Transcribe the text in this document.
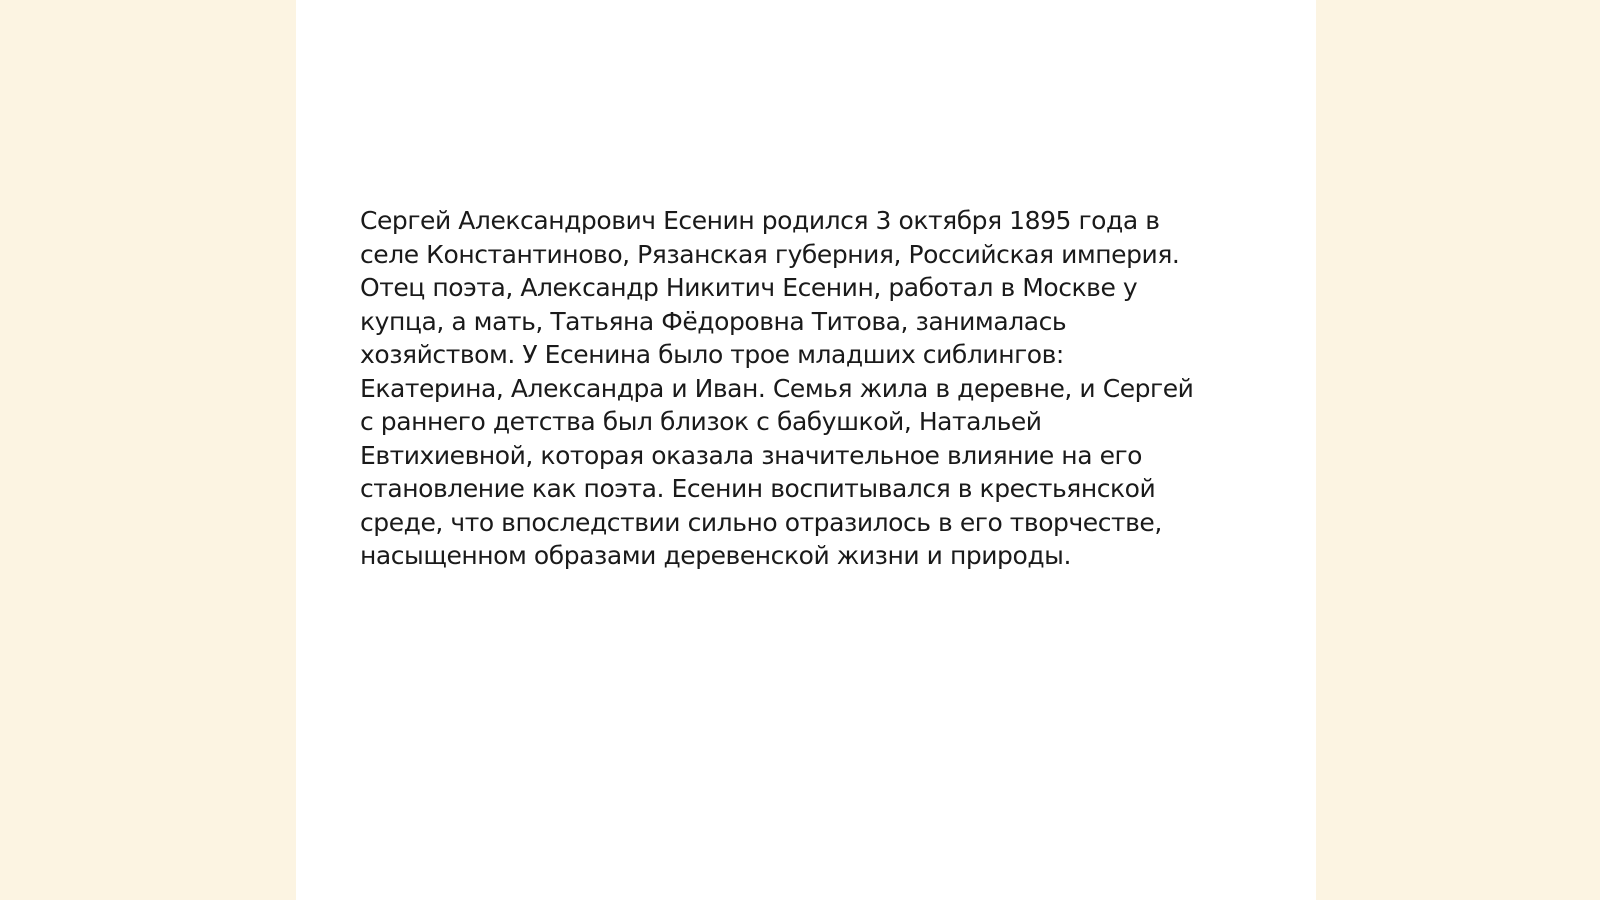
Сергей Александрович Есенин родился 3 октября 1895 года в
селе Константиново, Рязанская губерния, Российская империя.
Отец поэта, Александр Никитич Есенин, работал в Москве у
купца, а мать, Татьяна Фёдоровна Титова, занималась
хозяйством. У Есенина было трое младших сиблингов:
Екатерина, Александра и Иван. Семья жила в деревне, и Сергей
с раннего детства был близок с бабушкой, Натальей
Евтихиевной, которая оказала значительное влияние на его
становление как поэта. Есенин воспитывался в крестьянской
среде, что впоследствии сильно отразилось в его творчестве,
насыщенном образами деревенской жизни и природы.
